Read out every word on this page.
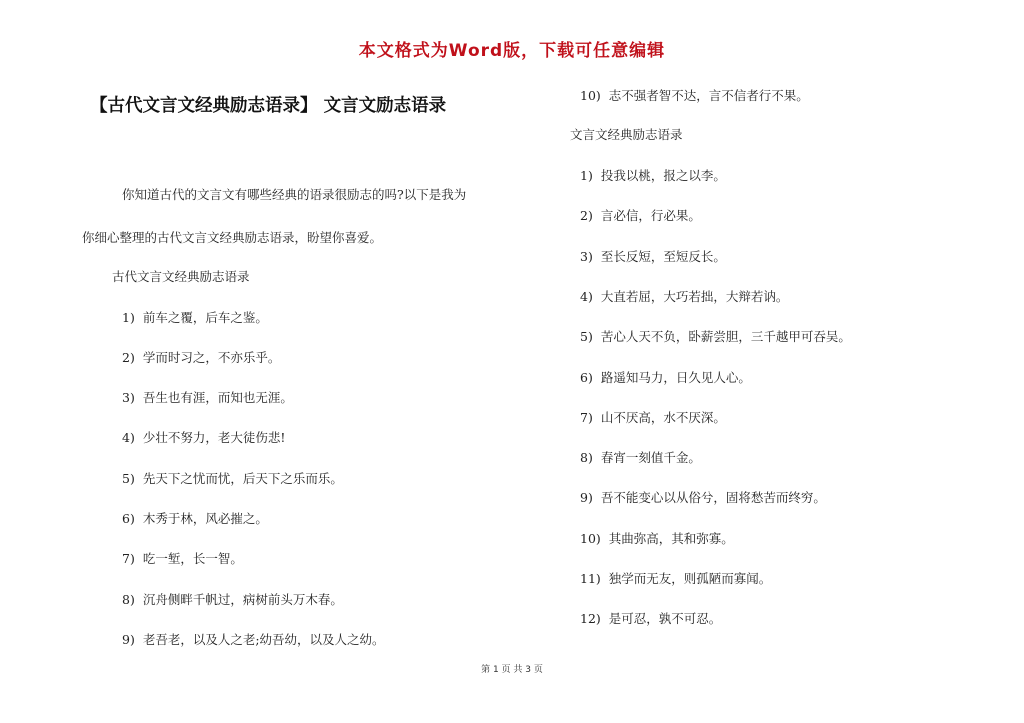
本文格式为Word版，下载可任意编辑
【古代文言文经典励志语录】 文言文励志语录
你知道古代的文言文有哪些经典的语录很励志的吗?以下是我为
你细心整理的古代文言文经典励志语录，盼望你喜爱。
古代文言文经典励志语录
1) 前车之覆，后车之鉴。
2) 学而时习之，不亦乐乎。
3) 吾生也有涯，而知也无涯。
4) 少壮不努力，老大徒伤悲!
5) 先天下之忧而忧，后天下之乐而乐。
6) 木秀于林，风必摧之。
7) 吃一堑，长一智。
8) 沉舟侧畔千帆过，病树前头万木春。
9) 老吾老，以及人之老;幼吾幼，以及人之幼。
10) 志不强者智不达，言不信者行不果。
文言文经典励志语录
1) 投我以桃，报之以李。
2) 言必信，行必果。
3) 至长反短，至短反长。
4) 大直若屈，大巧若拙，大辩若讷。
5) 苦心人天不负，卧薪尝胆，三千越甲可吞吴。
6) 路遥知马力，日久见人心。
7) 山不厌高，水不厌深。
8) 春宵一刻值千金。
9) 吾不能变心以从俗兮，固将愁苦而终穷。
10) 其曲弥高，其和弥寡。
11) 独学而无友，则孤陋而寡闻。
12) 是可忍，孰不可忍。
第 1 页 共 3 页
